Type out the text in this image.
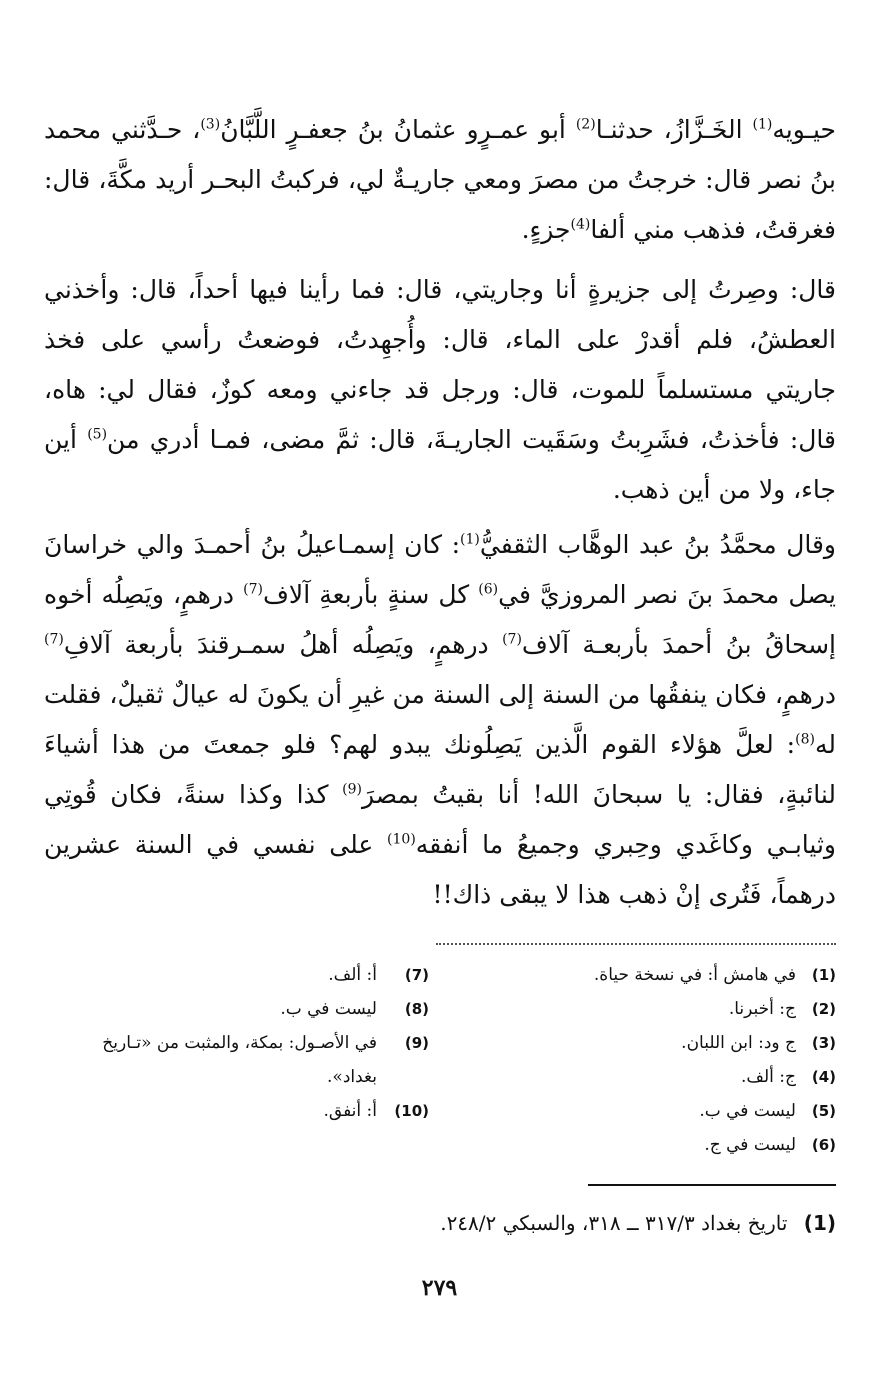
حيـويه$^{(1)}$ الخَـزَّازُ، حدثنـا$^{(2)}$ أبو عمـرٍو عثمانُ بنُ جعفـرٍ اللَّبَّانُ$^{(3)}$، حـدَّثني محمد بنُ نصر قال: خرجتُ من مصرَ ومعي جاريـةٌ لي، فركبتُ البحـر أريد مكَّةَ، قال: فغرقتُ، فذهب مني ألفا$^{(4)}$جزءٍ.

قال: وصِرتُ إلى جزيرةٍ أنا وجاريتي، قال: فما رأينا فيها أحداً، قال: وأخذني العطشُ، فلم أقدرْ على الماء، قال: وأُجهِدتُ، فوضعتُ رأسي على فخذ جاريتي مستسلماً للموت، قال: ورجل قد جاءني ومعه كوزٌ، فقال لي: هاه، قال: فأخذتُ، فشَرِبتُ وسَقَيت الجاريـةَ، قال: ثمَّ مضى، فمـا أدري من$^{(5)}$ أين جاء، ولا من أين ذهب.

وقال محمَّدُ بنُ عبد الوهَّاب الثقفيُّ$^{(1)}$: كان إسمـاعيلُ بنُ أحمـدَ والي خراسانَ يصل محمدَ بنَ نصر المروزيَّ في$^{(6)}$ كل سنةٍ بأربعةِ آلاف$^{(7)}$ درهمٍ، ويَصِلُه أخوه إسحاقُ بنُ أحمدَ بأربعـة آلاف$^{(7)}$ درهمٍ، ويَصِلُه أهلُ سمـرقندَ بأربعة آلافِ$^{(7)}$ درهمٍ، فكان ينفقُها من السنة إلى السنة من غيرِ أن يكونَ له عيالٌ ثقيلٌ، فقلت له$^{(8)}$: لعلَّ هؤلاء القوم الَّذين يَصِلُونك يبدو لهم؟ فلو جمعتَ من هذا أشياءَ لنائبةٍ، فقال: يا سبحانَ الله! أنا بقيتُ بمصرَ$^{(9)}$ كذا وكذا سنةً، فكان قُوتِي وثيابـي وكاغَدي وحِبري وجميعُ ما أنفقه$^{(10)}$ على نفسي في السنة عشرين درهماً، فَتُرى إنْ ذهب هذا لا يبقى ذاك!!

(1)
في هامش أ: في نسخة حياة.
(2)
ج: أخبرنا.
(3)
ج ود: ابن اللبان.
(4)
ج: ألف.
(5)
ليست في ب.
(6)
ليست في ج.
(7)
أ: ألف.
(8)
ليست في ب.
(9)
في الأصـول: بمكة، والمثبت من «تـاريخ بغداد».
(10)
أ: أنفق.

(1) تاريخ بغداد ٣١٧/٣ ــ ٣١٨، والسبكي ٢٤٨/٢.

٢٧٩
